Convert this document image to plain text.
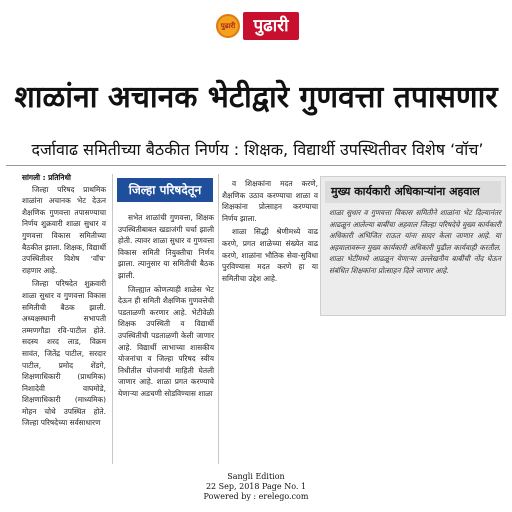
पुढारी	पुढारी
शाळांना अचानक भेटीद्वारे गुणवत्ता तपासणार
दर्जावाढ समितीच्या बैठकीत निर्णय : शिक्षक, विद्यार्थी उपस्थितीवर विशेष ‘वॉच’
सांगली : प्रतिनिधी
जिल्हा परिषद प्राथमिक शाळांना अचानक भेट देऊन शैक्षणिक गुणवत्ता तपासण्याचा निर्णय शुक्रवारी शाळा सुधार व गुणवत्ता विकास समितीच्या बैठकीत झाला. शिक्षक, विद्यार्थी उपस्थितीवर विशेष ‘वॉच’ राहणार आहे.
जिल्हा परिषदेत शुक्रवारी शाळा सुधार व गुणवत्ता विकास समितीची बैठक झाली. अध्यक्षस्थानी सभापती तम्मणगौडा रवि-पाटील होते. सदस्य शरद लाड, विक्रम सावंत, जितेंद्र पाटील, सरदार पाटील, प्रमोद शेंडगे, शिक्षणाधिकारी (प्राथमिक) निशादेवी वाघमोडे, शिक्षणाधिकारी (माध्यमिक) मोहन चोथे उपस्थित होते. जिल्हा परिषदेच्या सर्वसाधारण
जिल्हा परिषदेतून
सभेत शाळांची गुणवत्ता, शिक्षक उपस्थितीबाबत खडाजंगी चर्चा झाली होती. त्यावर शाळा सुधार व गुणवत्ता विकास समिती नियुक्तीचा निर्णय झाला. त्यानुसार या समितीची बैठक झाली.
जिल्ह्यात कोणत्याही शाळेस भेट देऊन ही समिती शैक्षणिक गुणवत्तेची पडताळणी करणार आहे. भेटीवेळी शिक्षक उपस्थिती व विद्यार्थी उपस्थितीची पडताळणी केली जाणार आहे. विद्यार्थी लाभाच्या शासकीय योजनांचा व जिल्हा परिषद स्वीय निधीतील योजनांची माहिती घेतली जाणार आहे. शाळा प्रगत करण्याचे येणाऱ्या अडचणी सोडविण्यास शाळा
व शिक्षकांना मदत करणे, शैक्षणिक उठाव करण्याचा शाळा व शिक्षकांना प्रोत्साहन करण्याचा निर्णय झाला.
शाळा सिद्धी श्रेणीमध्ये वाढ करणे, प्रगत शाळेच्या संख्येत वाढ करणे, शाळांना भौतिक सेवा-सुविधा पुरविण्यास मदत करणे हा या समितीचा उद्देश आहे.
मुख्य कार्यकारी अधिकाऱ्यांना अहवाल
शाळा सुधार व गुणवत्ता विकास समितीने शाळांना भेट दिल्यानंतर आढळून आलेल्या बाबींचा अहवाल जिल्हा परिषदेचे मुख्य कार्यकारी अधिकारी अभिजित राऊत यांना सादर केला जाणार आहे. या अहवालावरून मुख्य कार्यकारी अधिकारी पुढील कार्यवाही करतील. शाळा भेटींमध्ये आढळून येणाऱ्या उल्लेखनीय बाबींची नोंद घेऊन संबंधित शिक्षकांना प्रोत्साहन दिले जाणार आहे.
Sangli Edition
22 Sep, 2018 Page No. 1
Powered by : erelego.com
